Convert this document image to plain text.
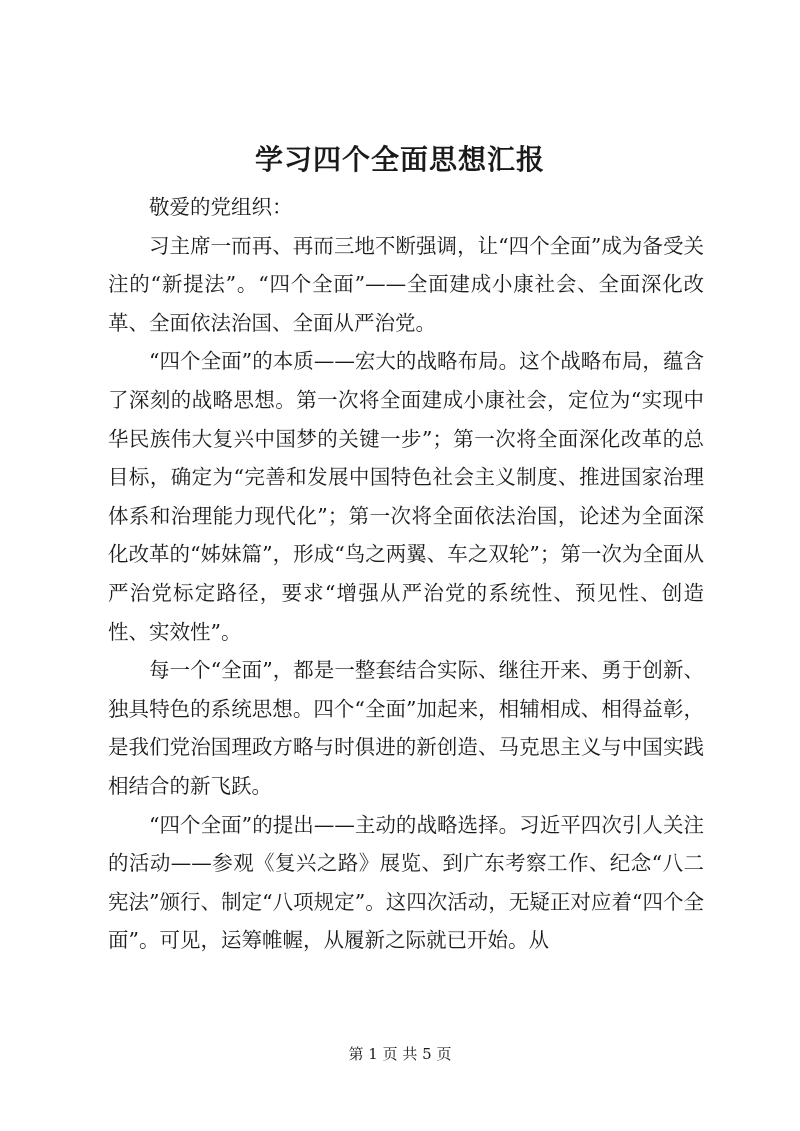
学习四个全面思想汇报

敬爱的党组织：

习主席一而再、再而三地不断强调，让“四个全面”成为备受关注的“新提法”。“四个全面”——全面建成小康社会、全面深化改革、全面依法治国、全面从严治党。

“四个全面”的本质——宏大的战略布局。这个战略布局，蕴含了深刻的战略思想。第一次将全面建成小康社会，定位为“实现中华民族伟大复兴中国梦的关键一步”；第一次将全面深化改革的总目标，确定为“完善和发展中国特色社会主义制度、推进国家治理体系和治理能力现代化”；第一次将全面依法治国，论述为全面深化改革的“姊妹篇”，形成“鸟之两翼、车之双轮”；第一次为全面从严治党标定路径，要求“增强从严治党的系统性、预见性、创造性、实效性”。

每一个“全面”，都是一整套结合实际、继往开来、勇于创新、独具特色的系统思想。四个“全面”加起来，相辅相成、相得益彰，是我们党治国理政方略与时俱进的新创造、马克思主义与中国实践相结合的新飞跃。

“四个全面”的提出——主动的战略选择。习近平四次引人关注的活动——参观《复兴之路》展览、到广东考察工作、纪念“八二宪法”颁行、制定“八项规定”。这四次活动，无疑正对应着“四个全面”。可见，运筹帷幄，从履新之际就已开始。从

第 1 页 共 5 页
